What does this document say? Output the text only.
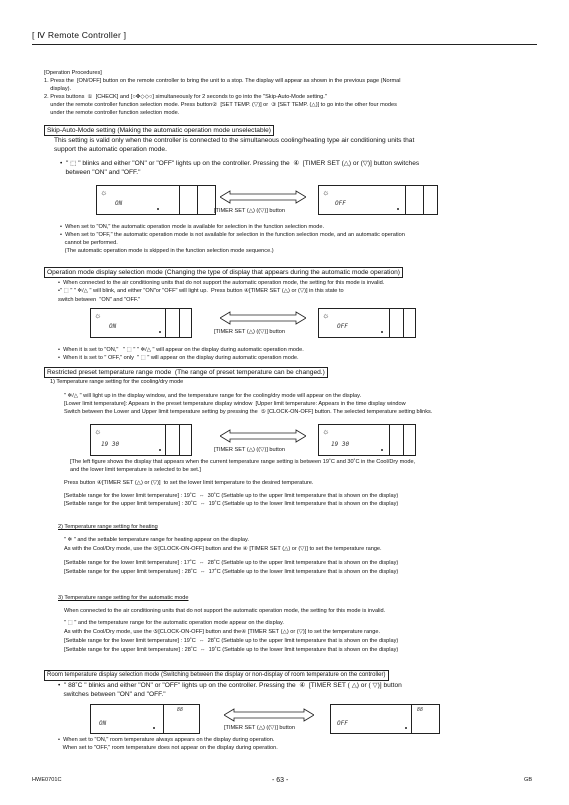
[ Ⅳ Remote Controller ]
[Operation Procedures]
1. Press the  [ON/OFF] button on the remote controller to bring the unit to a stop. The display will appear as shown in the previous page (Normal
display).
2. Press buttons  ①  [CHECK] and [○✤◇◇○] simultaneously for 2 seconds to go into the "Skip-Auto-Mode setting."
under the remote controller function selection mode. Press button②  [SET TEMP. (▽)] or  ③ [SET TEMP. (△)] to go into the other four modes
under the remote controller function selection mode.
Skip-Auto-Mode setting (Making the automatic operation mode unselectable)
This setting is valid only when the controller is connected to the simultaneous cooling/heating type air conditioning units that
support the automatic operation mode.
•  " ⬚ " blinks and either "ON" or "OFF" lights up on the controller. Pressing the  ④  [TIMER SET (△) or (▽)] button switches
between "ON" and "OFF."
☼
ON
[TIMER SET (△) ((▽)] button
☼
OFF
•  When set to "ON," the automatic operation mode is available for selection in the function selection mode.
•  When set to "OFF," the automatic operation mode is not available for selection in the function selection mode, and an automatic operation
cannot be performed.
(The automatic operation mode is skipped in the function selection mode sequence.)
Operation mode display selection mode (Changing the type of display that appears during the automatic mode operation)
•  When connected to the air conditioning units that do not support the automatic operation mode, the setting for this mode is invalid.
•" ⬚ " " ✲/△ " will blink, and either "ON"or "OFF" will light up.  Press button ④[TIMER SET (△) or (▽)] in this state to
switch between  "ON" and "OFF."
☼
ON
[TIMER SET (△) ((▽)] button
☼
OFF
•  When it is set to "ON,"   " ⬚ " " ✲/△ " will appear on the display during automatic operation mode.
•  When it is set to " OFF," only  " ⬚ " will appear on the display during automatic operation mode.
Restricted preset temperature range mode  (The range of preset temperature can be changed.)
1) Temperature range setting for the cooling/dry mode
" ✲/△ " will light up in the display window, and the temperature range for the cooling/dry mode will appear on the display.
[Lower limit temperature]: Appears in the preset temperature display window  [Upper limit temperature: Appears in the time display window
Switch between the Lower and Upper limit temperature setting by pressing the  ⑤ [CLOCK-ON-OFF] button. The selected temperature setting blinks.
☼
19 30
[TIMER SET (△) ((▽)] button
☼
19 30
[The left figure shows the display that appears when the current temperature range setting is between 19˚C and 30˚C in the Cool/Dry mode,
and the lower limit temperature is selected to be set.]
Press button ④[TIMER SET (△) or (▽)]  to set the lower limit temperature to the desired temperature.
[Settable range for the lower limit temperature] : 19˚C  ⇔  30˚C (Settable up to the upper limit temperature that is shown on the display)
[Settable range for the upper limit temperature] : 30˚C  ⇔  19˚C (Settable up to the lower limit temperature that is shown on the display)
2) Temperature range setting for heating
" ✲ " and the settable temperature range for heating appear on the display.
As with the Cool/Dry mode, use the ⑤[CLOCK-ON-OFF] button and the ④ [TIMER SET (△) or (▽)] to set the temperature range.
[Settable range for the lower limit temperature] : 17˚C  ⇔  28˚C (Settable up to the upper limit temperature that is shown on the display)
[Settable range for the upper limit temperature] : 28˚C  ⇔  17˚C (Settable up to the lower limit temperature that is shown on the display)
3) Temperature range setting for the automatic mode
When connected to the air conditioning units that do not support the automatic operation mode, the setting for this mode is invalid.
" ⬚ " and the temperature range for the automatic operation mode appear on the display.
As with the Cool/Dry mode, use the ⑤[CLOCK-ON-OFF] button and the④ [TIMER SET (△) or (▽)] to set the temperature range.
[Settable range for the lower limit temperature] : 19˚C  ⇔  28˚C (Settable up to the upper limit temperature that is shown on the display)
[Settable range for the upper limit temperature] : 28˚C  ⇔  19˚C (Settable up to the lower limit temperature that is shown on the display)
Room temperature display selection mode (Switching between the display or non-display of room temperature on the controller)
•  " 88˚C " blinks and either "ON" or "OFF" lights up on the controller. Pressing the  ④  [TIMER SET ( △) or ( ▽)] button
switches between "ON" and "OFF."
88
ON
[TIMER SET (△) ((▽)] button
88
OFF
•  When set to "ON," room temperature always appears on the display during operation.
When set to "OFF," room temperature does not appear on the display during operation.
HWE0701C	- 63 -	GB
